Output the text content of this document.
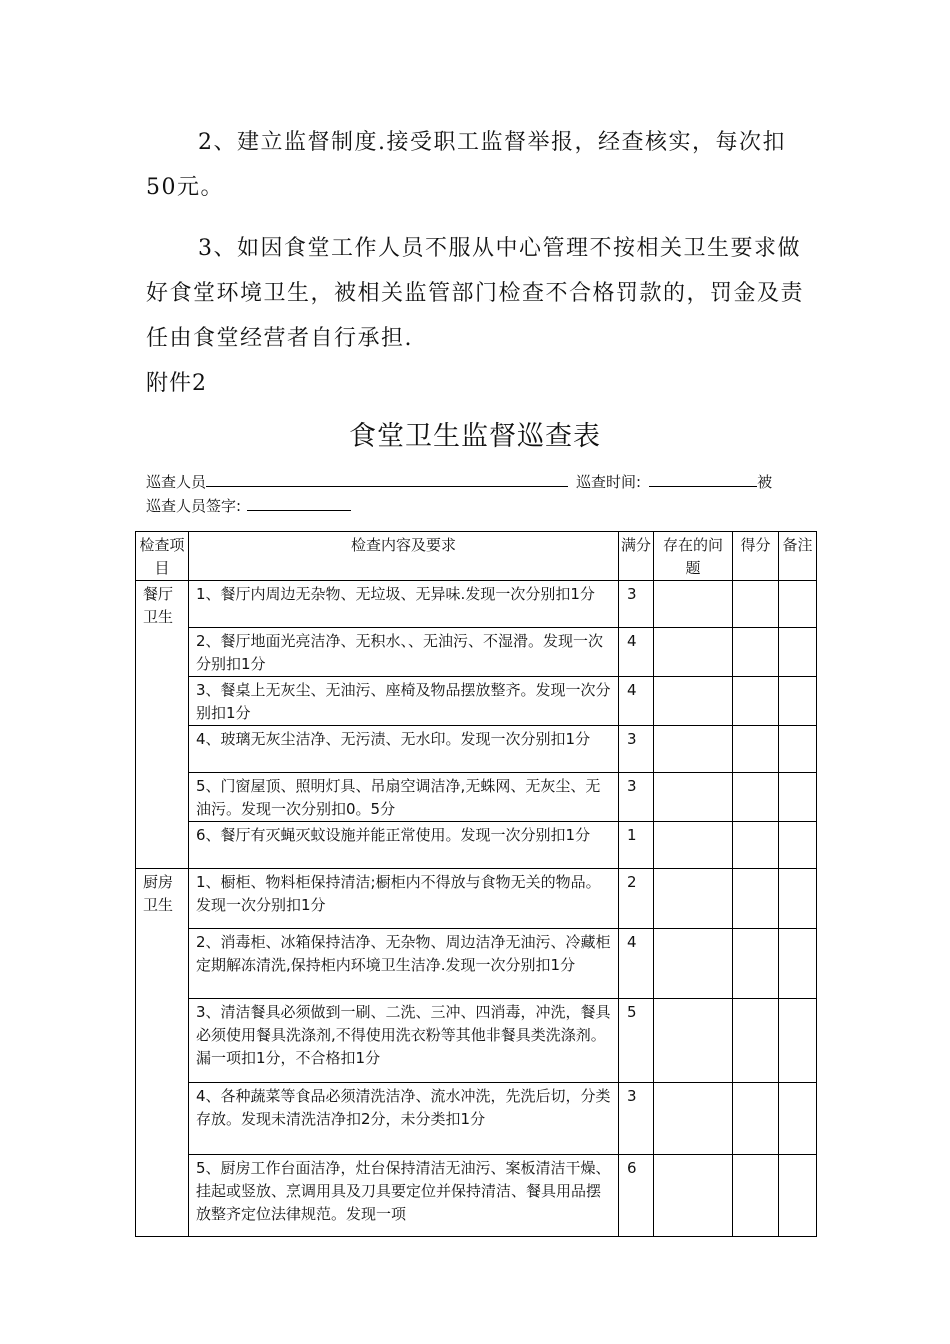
2、建立监督制度.接受职工监督举报，经查核实，每次扣50元。
3、如因食堂工作人员不服从中心管理不按相关卫生要求做好食堂环境卫生，被相关监管部门检查不合格罚款的，罚金及责任由食堂经营者自行承担.
附件2
食堂卫生监督巡查表
巡查人员	巡查时间:	被
巡查人员签字:
检查项目	检查内容及要求	满分	存在的问题	得分	备注
餐厅卫生	1、餐厅内周边无杂物、无垃圾、无异味.发现一次分别扣1分	3			
	2、餐厅地面光亮洁净、无积水、、无油污、不湿滑。发现一次分别扣1分	4			
	3、餐桌上无灰尘、无油污、座椅及物品摆放整齐。发现一次分别扣1分	4			
	4、玻璃无灰尘洁净、无污渍、无水印。发现一次分别扣1分	3			
	5、门窗屋顶、照明灯具、吊扇空调洁净,无蛛网、无灰尘、无油污。发现一次分别扣0。5分	3			
	6、餐厅有灭蝇灭蚊设施并能正常使用。发现一次分别扣1分	1			
厨房卫生	1、橱柜、物料柜保持清洁;橱柜内不得放与食物无关的物品。发现一次分别扣1分	2			
	2、消毒柜、冰箱保持洁净、无杂物、周边洁净无油污、冷藏柜定期解冻清洗,保持柜内环境卫生洁净.发现一次分别扣1分	4			
	3、清洁餐具必须做到一刷、二洗、三冲、四消毒，冲洗，餐具必须使用餐具洗涤剂,不得使用洗衣粉等其他非餐具类洗涤剂。漏一项扣1分，不合格扣1分	5			
	4、各种蔬菜等食品必须清洗洁净、流水冲洗，先洗后切，分类存放。发现未清洗洁净扣2分，未分类扣1分	3			
	5、厨房工作台面洁净，灶台保持清洁无油污、案板清洁干燥、挂起或竖放、烹调用具及刀具要定位并保持清洁、餐具用品摆放整齐定位法律规范。发现一项	6			
